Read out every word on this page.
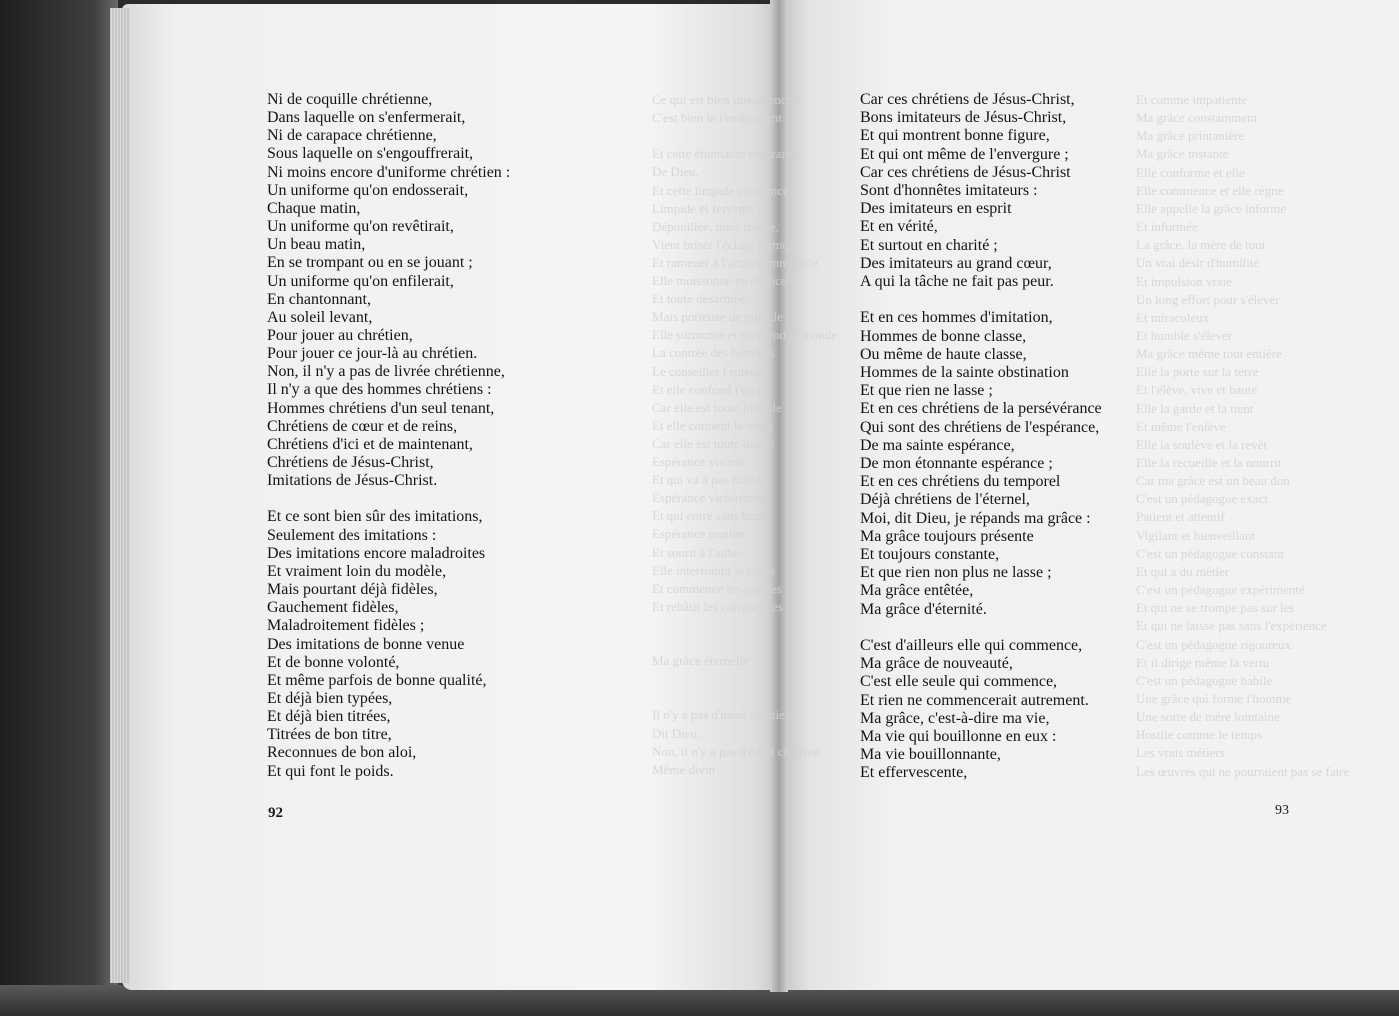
Ce qui est bien mieux encore
C'est bien le l'entêtement
Et cette étonnante espérance
De Dieu,
Et cette limpide constance
Limpide et fervente
Dépouillée, mais royale,
Vient briser l'écluse fermée
Et ramener à l'accord immuable
Elle moissonne en silence
Et toute désarmée,
Mais porteuse de miracle
Elle surmonte et surprend le monde
La contrée des hommes
Le conseiller l'entend
Et elle confond l'esprit
Car elle est toute humble
Et elle contient la vertu
Car elle est toute douce
Espérance vivante
Et qui va à pas fidèles
Espérance victorieuse
Et qui entre sans bruit
Espérance mutine
Et sourit à l'aube
Elle interrompt le cours
Et commence les paroles
Et rebâtit les consciences
Ma grâce éternelle
Il n'y a pas d'habit chrétien
Dit Dieu.
Non, il n'y a pas d'habit chrétien
Même divin
Et comme impatiente
Ma grâce constamment
Ma grâce printanière
Ma grâce instante
Elle conforme et elle
Elle commence et elle règne
Elle appelle la grâce informe
Et informée
La grâce, la mère de tout
Un vrai désir d'humilité
Et impulsion vraie
Un long effort pour s'élever
Et miraculeux
Et humble s'élever
Ma grâce même tout entière
Elle la porte sur la terre
Et l'élève, vive et haute
Elle la garde et la tient
Et même l'enlève
Elle la soulève et la revêt
Elle la recueille et la nourrit
Car ma grâce est un beau don
C'est un pédagogue exact
Patient et attentif
Vigilant et bienveillant
C'est un pédagogue constant
Et qui a du métier
C'est un pédagogue expérimenté
Et qui ne se trompe pas sur les
Et qui ne laisse pas sans l'expérience
C'est un pédagogue rigoureux
Et il dirige même la vertu
C'est un pédagogue habile
Une grâce qui forme l'homme
Une sorte de mère lointaine
Hostile comme le temps
Les vrais métiers
Les œuvres qui ne pourraient pas se faire
Ni de coquille chrétienne,
Dans laquelle on s'enfermerait,
Ni de carapace chrétienne,
Sous laquelle on s'engouffrerait,
Ni moins encore d'uniforme chrétien :
Un uniforme qu'on endosserait,
Chaque matin,
Un uniforme qu'on revêtirait,
Un beau matin,
En se trompant ou en se jouant ;
Un uniforme qu'on enfilerait,
En chantonnant,
Au soleil levant,
Pour jouer au chrétien,
Pour jouer ce jour-là au chrétien.
Non, il n'y a pas de livrée chrétienne,
Il n'y a que des hommes chrétiens :
Hommes chrétiens d'un seul tenant,
Chrétiens de cœur et de reins,
Chrétiens d'ici et de maintenant,
Chrétiens de Jésus-Christ,
Imitations de Jésus-Christ.
Et ce sont bien sûr des imitations,
Seulement des imitations :
Des imitations encore maladroites
Et vraiment loin du modèle,
Mais pourtant déjà fidèles,
Gauchement fidèles,
Maladroitement fidèles ;
Des imitations de bonne venue
Et de bonne volonté,
Et même parfois de bonne qualité,
Et déjà bien typées,
Et déjà bien titrées,
Titrées de bon titre,
Reconnues de bon aloi,
Et qui font le poids.
Car ces chrétiens de Jésus-Christ,
Bons imitateurs de Jésus-Christ,
Et qui montrent bonne figure,
Et qui ont même de l'envergure ;
Car ces chrétiens de Jésus-Christ
Sont d'honnêtes imitateurs :
Des imitateurs en esprit
Et en vérité,
Et surtout en charité ;
Des imitateurs au grand cœur,
A qui la tâche ne fait pas peur.
Et en ces hommes d'imitation,
Hommes de bonne classe,
Ou même de haute classe,
Hommes de la sainte obstination
Et que rien ne lasse ;
Et en ces chrétiens de la persévérance
Qui sont des chrétiens de l'espérance,
De ma sainte espérance,
De mon étonnante espérance ;
Et en ces chrétiens du temporel
Déjà chrétiens de l'éternel,
Moi, dit Dieu, je répands ma grâce :
Ma grâce toujours présente
Et toujours constante,
Et que rien non plus ne lasse ;
Ma grâce entêtée,
Ma grâce d'éternité.
C'est d'ailleurs elle qui commence,
Ma grâce de nouveauté,
C'est elle seule qui commence,
Et rien ne commencerait autrement.
Ma grâce, c'est-à-dire ma vie,
Ma vie qui bouillonne en eux :
Ma vie bouillonnante,
Et effervescente,
92	93
